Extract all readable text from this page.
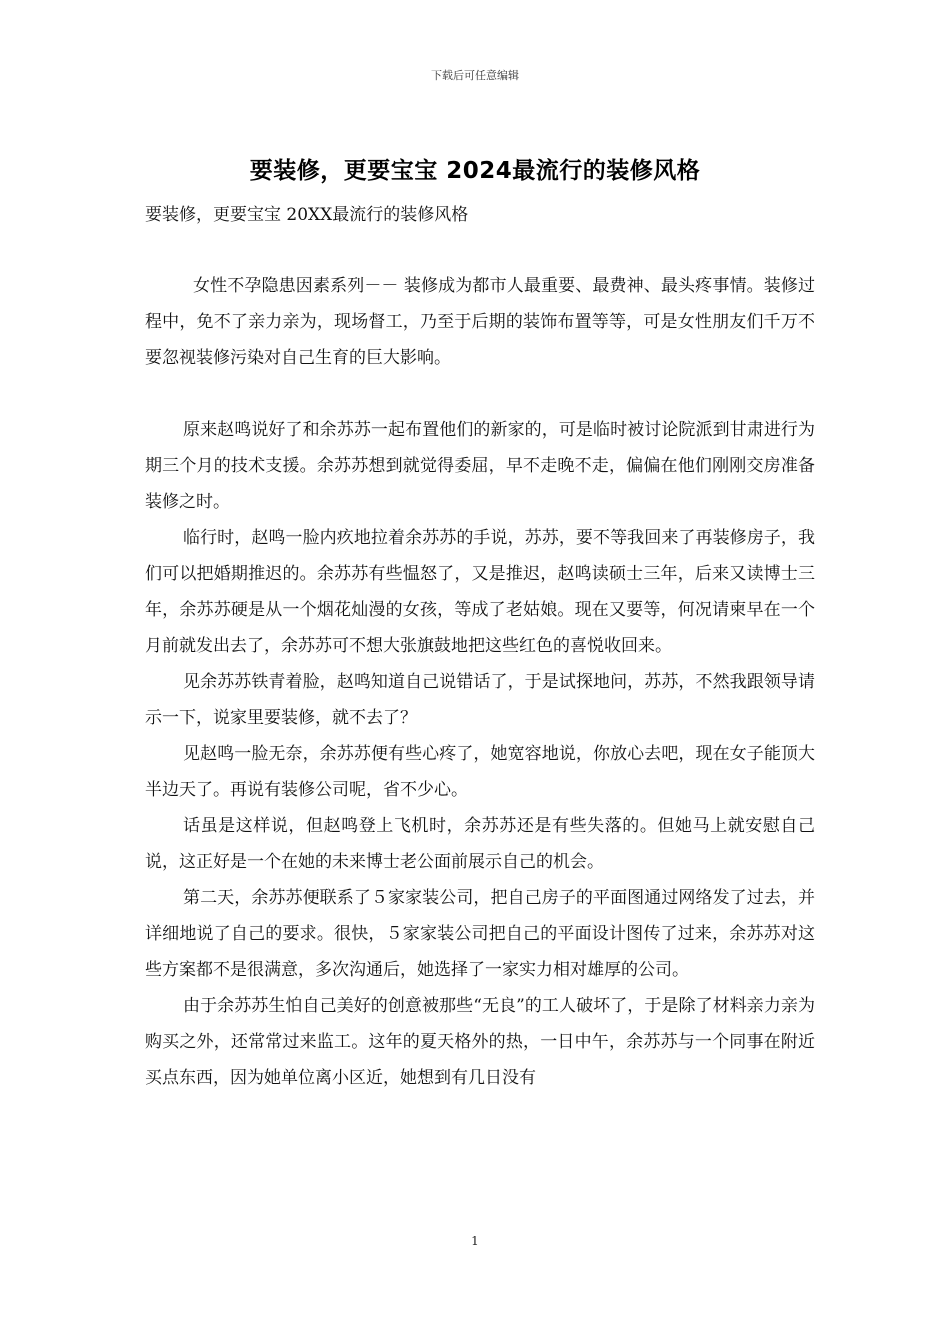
下载后可任意编辑
要装修，更要宝宝 2024最流行的装修风格
要装修，更要宝宝 20XX最流行的装修风格

女性不孕隐患因素系列－－ 装修成为都市人最重要、最费神、最头疼事情。装修过程中，免不了亲力亲为，现场督工，乃至于后期的装饰布置等等，可是女性朋友们千万不要忽视装修污染对自己生育的巨大影响。

原来赵鸣说好了和余苏苏一起布置他们的新家的，可是临时被讨论院派到甘肃进行为期三个月的技术支援。余苏苏想到就觉得委屈，早不走晚不走，偏偏在他们刚刚交房准备装修之时。

临行时，赵鸣一脸内疚地拉着余苏苏的手说，苏苏，要不等我回来了再装修房子，我们可以把婚期推迟的。余苏苏有些愠怒了，又是推迟，赵鸣读硕士三年，后来又读博士三年，余苏苏硬是从一个烟花灿漫的女孩，等成了老姑娘。现在又要等，何况请柬早在一个月前就发出去了，余苏苏可不想大张旗鼓地把这些红色的喜悦收回来。

见余苏苏铁青着脸，赵鸣知道自己说错话了，于是试探地问，苏苏，不然我跟领导请示一下，说家里要装修，就不去了？

见赵鸣一脸无奈，余苏苏便有些心疼了，她宽容地说，你放心去吧，现在女子能顶大半边天了。再说有装修公司呢，省不少心。

话虽是这样说，但赵鸣登上飞机时，余苏苏还是有些失落的。但她马上就安慰自己说，这正好是一个在她的未来博士老公面前展示自己的机会。

第二天，余苏苏便联系了５家家装公司，把自己房子的平面图通过网络发了过去，并详细地说了自己的要求。很快，５家家装公司把自己的平面设计图传了过来，余苏苏对这些方案都不是很满意，多次沟通后，她选择了一家实力相对雄厚的公司。

由于余苏苏生怕自己美好的创意被那些“无良”的工人破坏了，于是除了材料亲力亲为购买之外，还常常过来监工。这年的夏天格外的热，一日中午，余苏苏与一个同事在附近买点东西，因为她单位离小区近，她想到有几日没有

1
